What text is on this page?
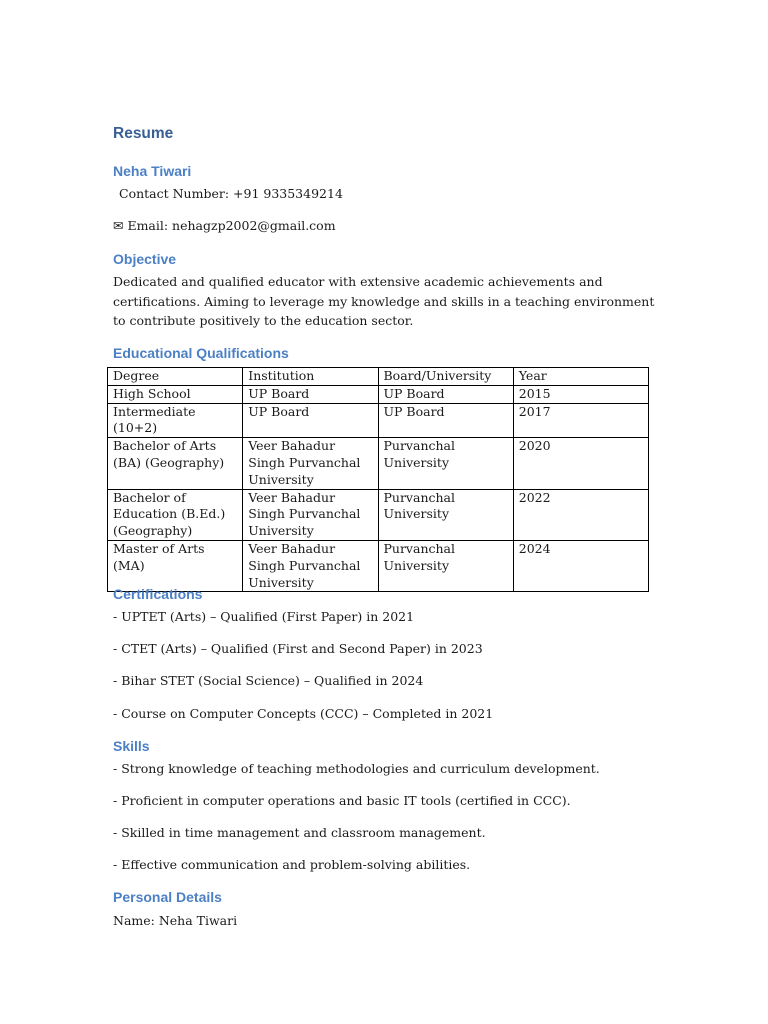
Resume
Neha Tiwari
Contact Number: +91 9335349214
✉ Email: nehagzp2002@gmail.com
Objective
Dedicated and qualified educator with extensive academic achievements and certifications. Aiming to leverage my knowledge and skills in a teaching environment to contribute positively to the education sector.
Educational Qualifications
Degree	Institution	Board/University	Year
High School	UP Board	UP Board	2015
Intermediate (10+2)	UP Board	UP Board	2017
Bachelor of Arts (BA) (Geography)	Veer Bahadur Singh Purvanchal University	Purvanchal University	2020
Bachelor of Education (B.Ed.) (Geography)	Veer Bahadur Singh Purvanchal University	Purvanchal University	2022
Master of Arts (MA)	Veer Bahadur Singh Purvanchal University	Purvanchal University	2024
Certifications
- UPTET (Arts) – Qualified (First Paper) in 2021
- CTET (Arts) – Qualified (First and Second Paper) in 2023
- Bihar STET (Social Science) – Qualified in 2024
- Course on Computer Concepts (CCC) – Completed in 2021
Skills
- Strong knowledge of teaching methodologies and curriculum development.
- Proficient in computer operations and basic IT tools (certified in CCC).
- Skilled in time management and classroom management.
- Effective communication and problem-solving abilities.
Personal Details
Name: Neha Tiwari
